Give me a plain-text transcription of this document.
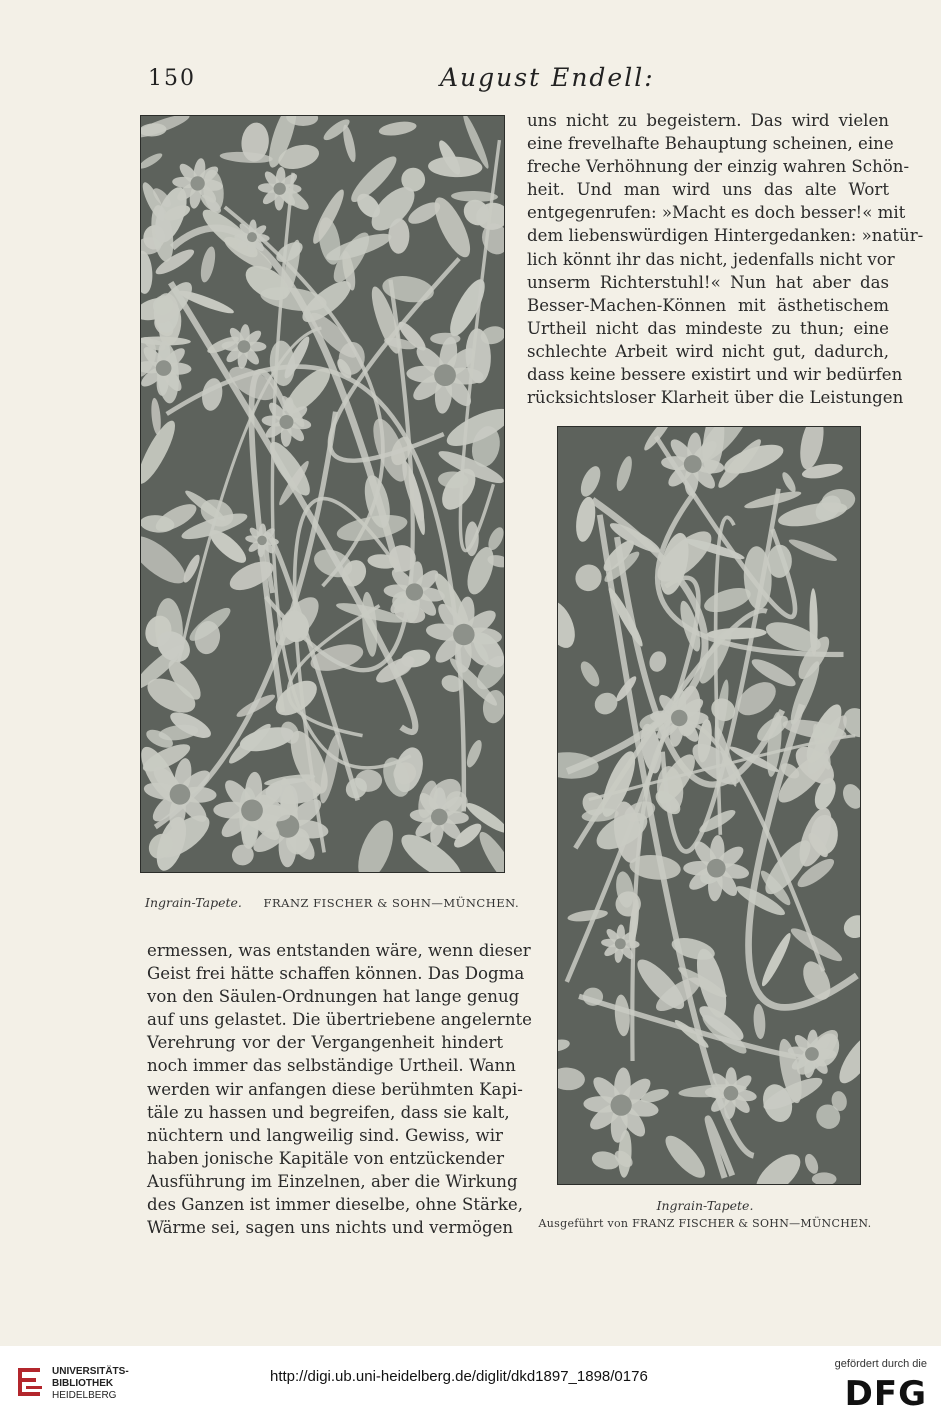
150	August Endell:
uns nicht zu begeistern. Das wird vielen
eine frevelhafte Behauptung scheinen, eine
freche Verhöhnung der einzig wahren Schön-
heit. Und man wird uns das alte Wort
entgegenrufen: »Macht es doch besser!« mit
dem liebenswürdigen Hintergedanken: »natür-
lich könnt ihr das nicht, jedenfalls nicht vor
unserm Richterstuhl!« Nun hat aber das
Besser-Machen-Können mit ästhetischem
Urtheil nicht das mindeste zu thun; eine
schlechte Arbeit wird nicht gut, dadurch,
dass keine bessere existirt und wir bedürfen
rücksichtsloser Klarheit über die Leistungen
ermessen, was entstanden wäre, wenn dieser
Geist frei hätte schaffen können. Das Dogma
von den Säulen-Ordnungen hat lange genug
auf uns gelastet. Die übertriebene angelernte
Verehrung vor der Vergangenheit hindert
noch immer das selbständige Urtheil. Wann
werden wir anfangen diese berühmten Kapi-
täle zu hassen und begreifen, dass sie kalt,
nüchtern und langweilig sind. Gewiss, wir
haben jonische Kapitäle von entzückender
Ausführung im Einzelnen, aber die Wirkung
des Ganzen ist immer dieselbe, ohne Stärke,
Wärme sei, sagen uns nichts und vermögen
Ingrain-Tapete. FRANZ FISCHER & SOHN—MÜNCHEN.
Ingrain-Tapete.
Ausgeführt von FRANZ FISCHER & SOHN—MÜNCHEN.
UNIVERSITÄTS-
BIBLIOTHEK
HEIDELBERG
http://digi.ub.uni-heidelberg.de/diglit/dkd1897_1898/0176
gefördert durch die
DFG
